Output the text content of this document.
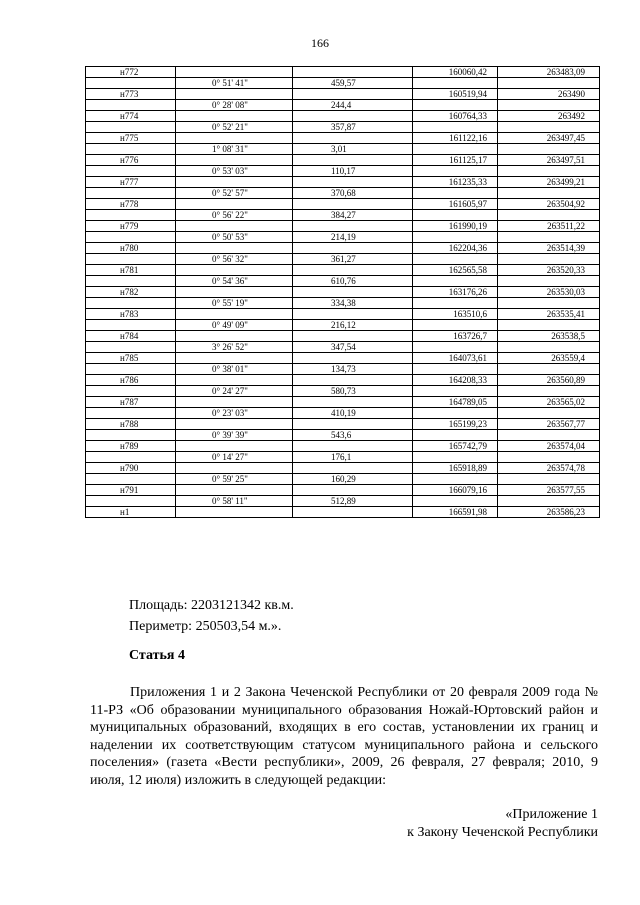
166
н772			160060,42	263483,09
	0° 51' 41"	459,57		
н773			160519,94	263490
	0° 28' 08"	244,4		
н774			160764,33	263492
	0° 52' 21"	357,87		
н775			161122,16	263497,45
	1° 08' 31"	3,01		
н776			161125,17	263497,51
	0° 53' 03"	110,17		
н777			161235,33	263499,21
	0° 52' 57"	370,68		
н778			161605,97	263504,92
	0° 56' 22"	384,27		
н779			161990,19	263511,22
	0° 50' 53"	214,19		
н780			162204,36	263514,39
	0° 56' 32"	361,27		
н781			162565,58	263520,33
	0° 54' 36"	610,76		
н782			163176,26	263530,03
	0° 55' 19"	334,38		
н783			163510,6	263535,41
	0° 49' 09"	216,12		
н784			163726,7	263538,5
	3° 26' 52"	347,54		
н785			164073,61	263559,4
	0° 38' 01"	134,73		
н786			164208,33	263560,89
	0° 24' 27"	580,73		
н787			164789,05	263565,02
	0° 23' 03"	410,19		
н788			165199,23	263567,77
	0° 39' 39"	543,6		
н789			165742,79	263574,04
	0° 14' 27"	176,1		
н790			165918,89	263574,78
	0° 59' 25"	160,29		
н791			166079,16	263577,55
	0° 58' 11"	512,89		
н1			166591,98	263586,23
Площадь: 2203121342 кв.м.
Периметр: 250503,54 м.».
Статья 4
Приложения 1 и 2 Закона Чеченской Республики от 20 февраля 2009 года № 11-РЗ «Об образовании муниципального образования Ножай-Юртовский район и муниципальных образований, входящих в его состав, установлении их границ и наделении их соответствующим статусом муниципального района и сельского поселения» (газета «Вести республики», 2009, 26 февраля, 27 февраля; 2010, 9 июля, 12 июля) изложить в следующей редакции:
«Приложение 1
к Закону Чеченской Республики
